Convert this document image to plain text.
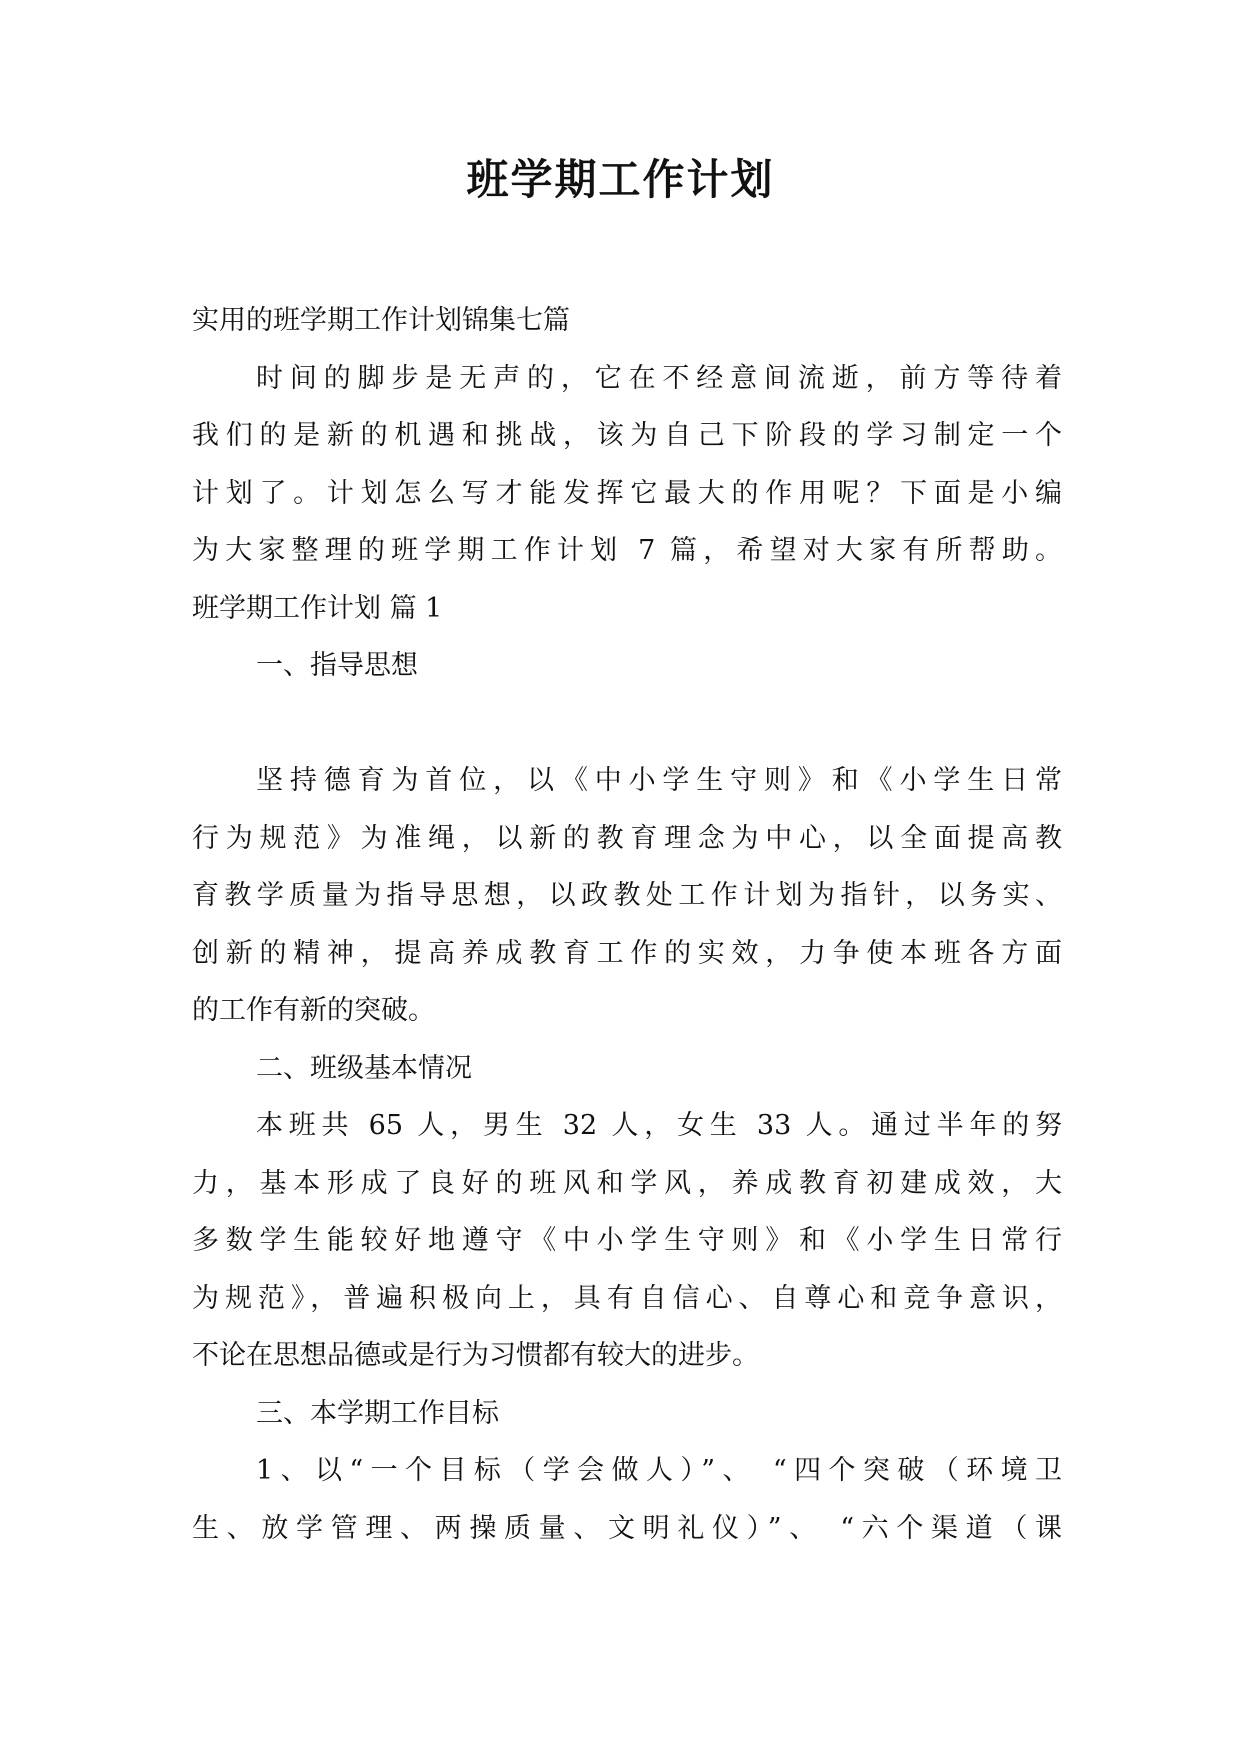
班学期工作计划
实用的班学期工作计划锦集七篇
时间的脚步是无声的，它在不经意间流逝，前方等待着
我们的是新的机遇和挑战，该为自己下阶段的学习制定一个
计划了。计划怎么写才能发挥它最大的作用呢？下面是小编
为大家整理的班学期工作计划 7 篇，希望对大家有所帮助。
班学期工作计划 篇 1
一、指导思想
坚持德育为首位，以《中小学生守则》和《小学生日常
行为规范》为准绳，以新的教育理念为中心，以全面提高教
育教学质量为指导思想，以政教处工作计划为指针，以务实、
创新的精神，提高养成教育工作的实效，力争使本班各方面
的工作有新的突破。
二、班级基本情况
本班共 65 人，男生 32 人，女生 33 人。通过半年的努
力，基本形成了良好的班风和学风，养成教育初建成效，大
多数学生能较好地遵守《中小学生守则》和《小学生日常行
为规范》，普遍积极向上，具有自信心、自尊心和竞争意识，
不论在思想品德或是行为习惯都有较大的进步。
三、本学期工作目标
1、以“一个目标（学会做人）”、 “四个突破（环境卫
生、放学管理、两操质量、文明礼仪）”、 “六个渠道（课
